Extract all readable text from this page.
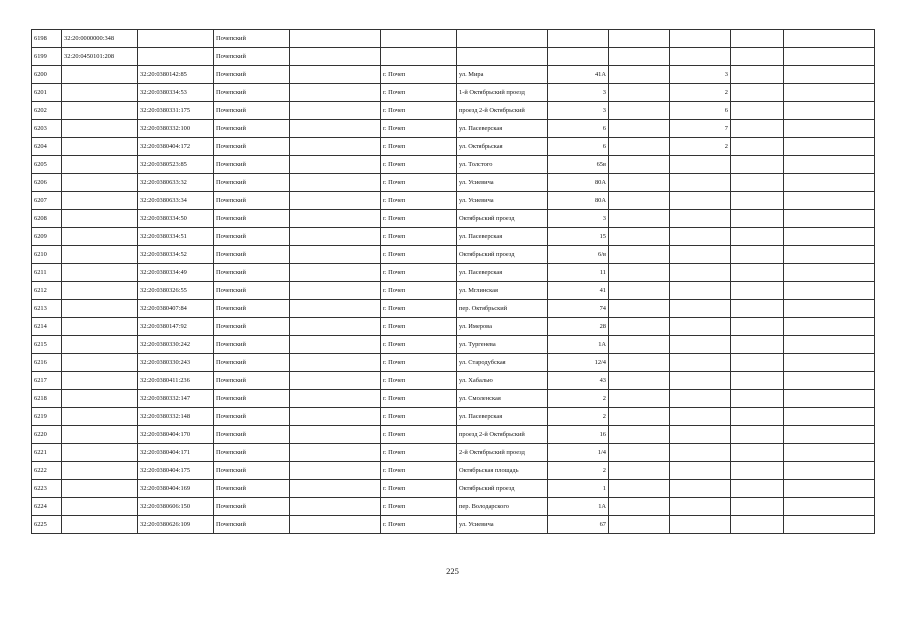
6198	32:20:0000000:348		Почепский								
6199	32:20:0450101:208		Почепский								
6200		32:20:0380142:85	Почепский		г. Почеп	ул. Мира	41А		3		
6201		32:20:0380334:53	Почепский		г. Почеп	1-й Октябрьский проезд	3		2		
6202		32:20:0380331:175	Почепский		г. Почеп	проезд 2-й Октябрьский	3		6		
6203		32:20:0380332:100	Почепский		г. Почеп	ул. Пасеверская	6		7		
6204		32:20:0380404:172	Почепский		г. Почеп	ул. Октябрьская	6		2		
6205		32:20:0380523:85	Почепский		г. Почеп	ул. Толстого	65в				
6206		32:20:0380633:32	Почепский		г. Почеп	ул. Усиевича	80А				
6207		32:20:0380633:34	Почепский		г. Почеп	ул. Усиевича	80А				
6208		32:20:0380334:50	Почепский		г. Почеп	Октябрьский проезд	3				
6209		32:20:0380334:51	Почепский		г. Почеп	ул. Пасеверская	15				
6210		32:20:0380334:52	Почепский		г. Почеп	Октябрьский проезд	6/в				
6211		32:20:0380334:49	Почепский		г. Почеп	ул. Пасеверская	11				
6212		32:20:0380326:55	Почепский		г. Почеп	ул. Мглинская	41				
6213		32:20:0380407:84	Почепский		г. Почеп	пер. Октябрьский	74				
6214		32:20:0380147:92	Почепский		г. Почеп	ул. Имерова	28				
6215		32:20:0380330:242	Почепский		г. Почеп	ул. Тургенева	1А				
6216		32:20:0380330:243	Почепский		г. Почеп	ул. Стародубская	12/4				
6217		32:20:0380411:236	Почепский		г. Почеп	ул. Хабалью	43				
6218		32:20:0380332:147	Почепский		г. Почеп	ул. Смоленская	2				
6219		32:20:0380332:148	Почепский		г. Почеп	ул. Пасеверская	2				
6220		32:20:0380404:170	Почепский		г. Почеп	проезд 2-й Октябрьский	16				
6221		32:20:0380404:171	Почепский		г. Почеп	2-й Октябрьский проезд	1/4				
6222		32:20:0380404:175	Почепский		г. Почеп	Октябрьская площадь	2				
6223		32:20:0380404:169	Почепский		г. Почеп	Октябрьский проезд	1				
6224		32:20:0380606:150	Почепский		г. Почеп	пер. Володарского	1А				
6225		32:20:0380626:109	Почепский		г. Почеп	ул. Усиевича	67				
225
